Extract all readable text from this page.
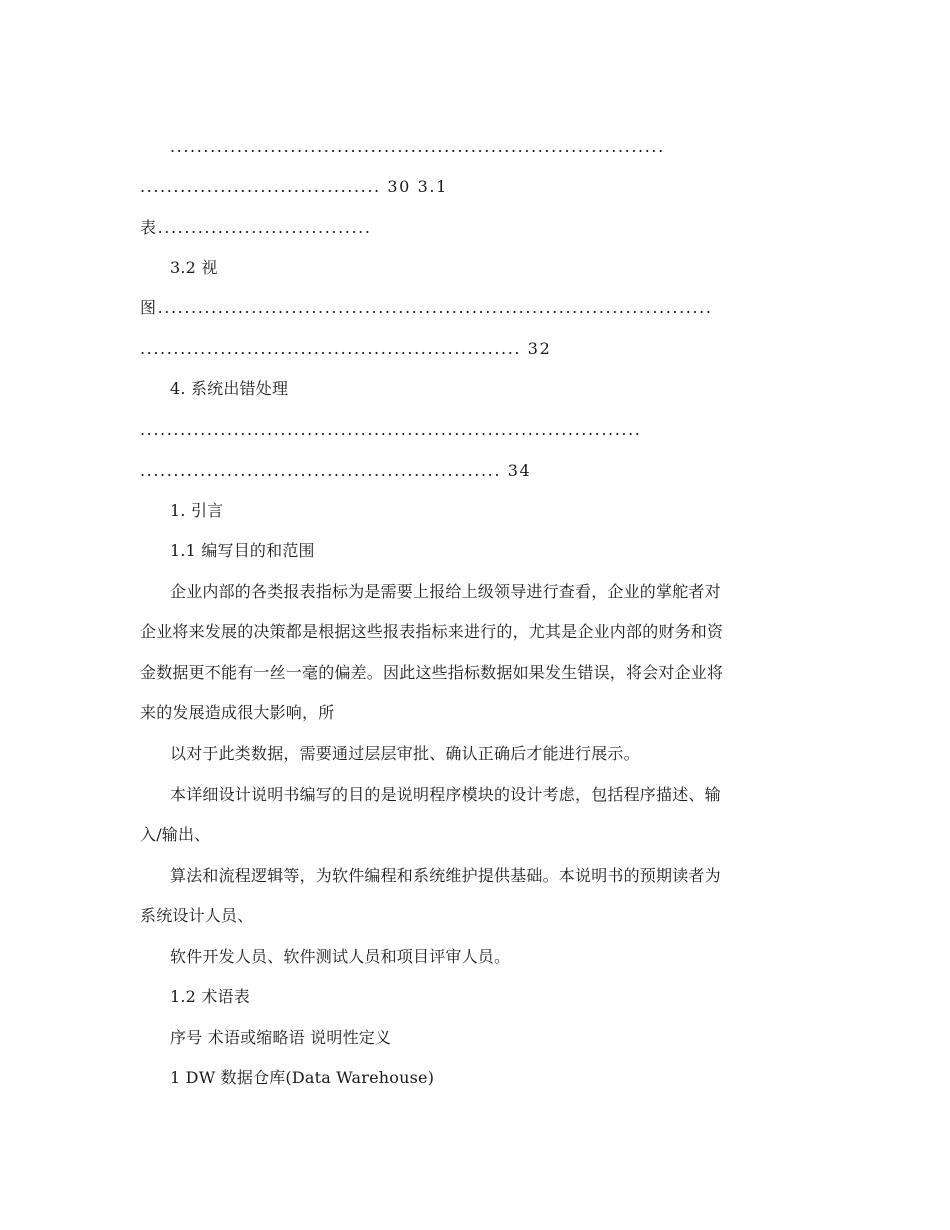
..........................................................................
.................................... 30 3.1
表................................
3.2 视
图...................................................................................
......................................................... 32
4. 系统出错处理
...........................................................................
...................................................... 34
1. 引言
1.1 编写目的和范围
企业内部的各类报表指标为是需要上报给上级领导进行查看，企业的掌舵者对
企业将来发展的决策都是根据这些报表指标来进行的，尤其是企业内部的财务和资
金数据更不能有一丝一毫的偏差。因此这些指标数据如果发生错误，将会对企业将
来的发展造成很大影响，所
以对于此类数据，需要通过层层审批、确认正确后才能进行展示。
本详细设计说明书编写的目的是说明程序模块的设计考虑，包括程序描述、输
入/输出、
算法和流程逻辑等，为软件编程和系统维护提供基础。本说明书的预期读者为
系统设计人员、
软件开发人员、软件测试人员和项目评审人员。
1.2 术语表
序号 术语或缩略语 说明性定义
1 DW 数据仓库(Data Warehouse)
